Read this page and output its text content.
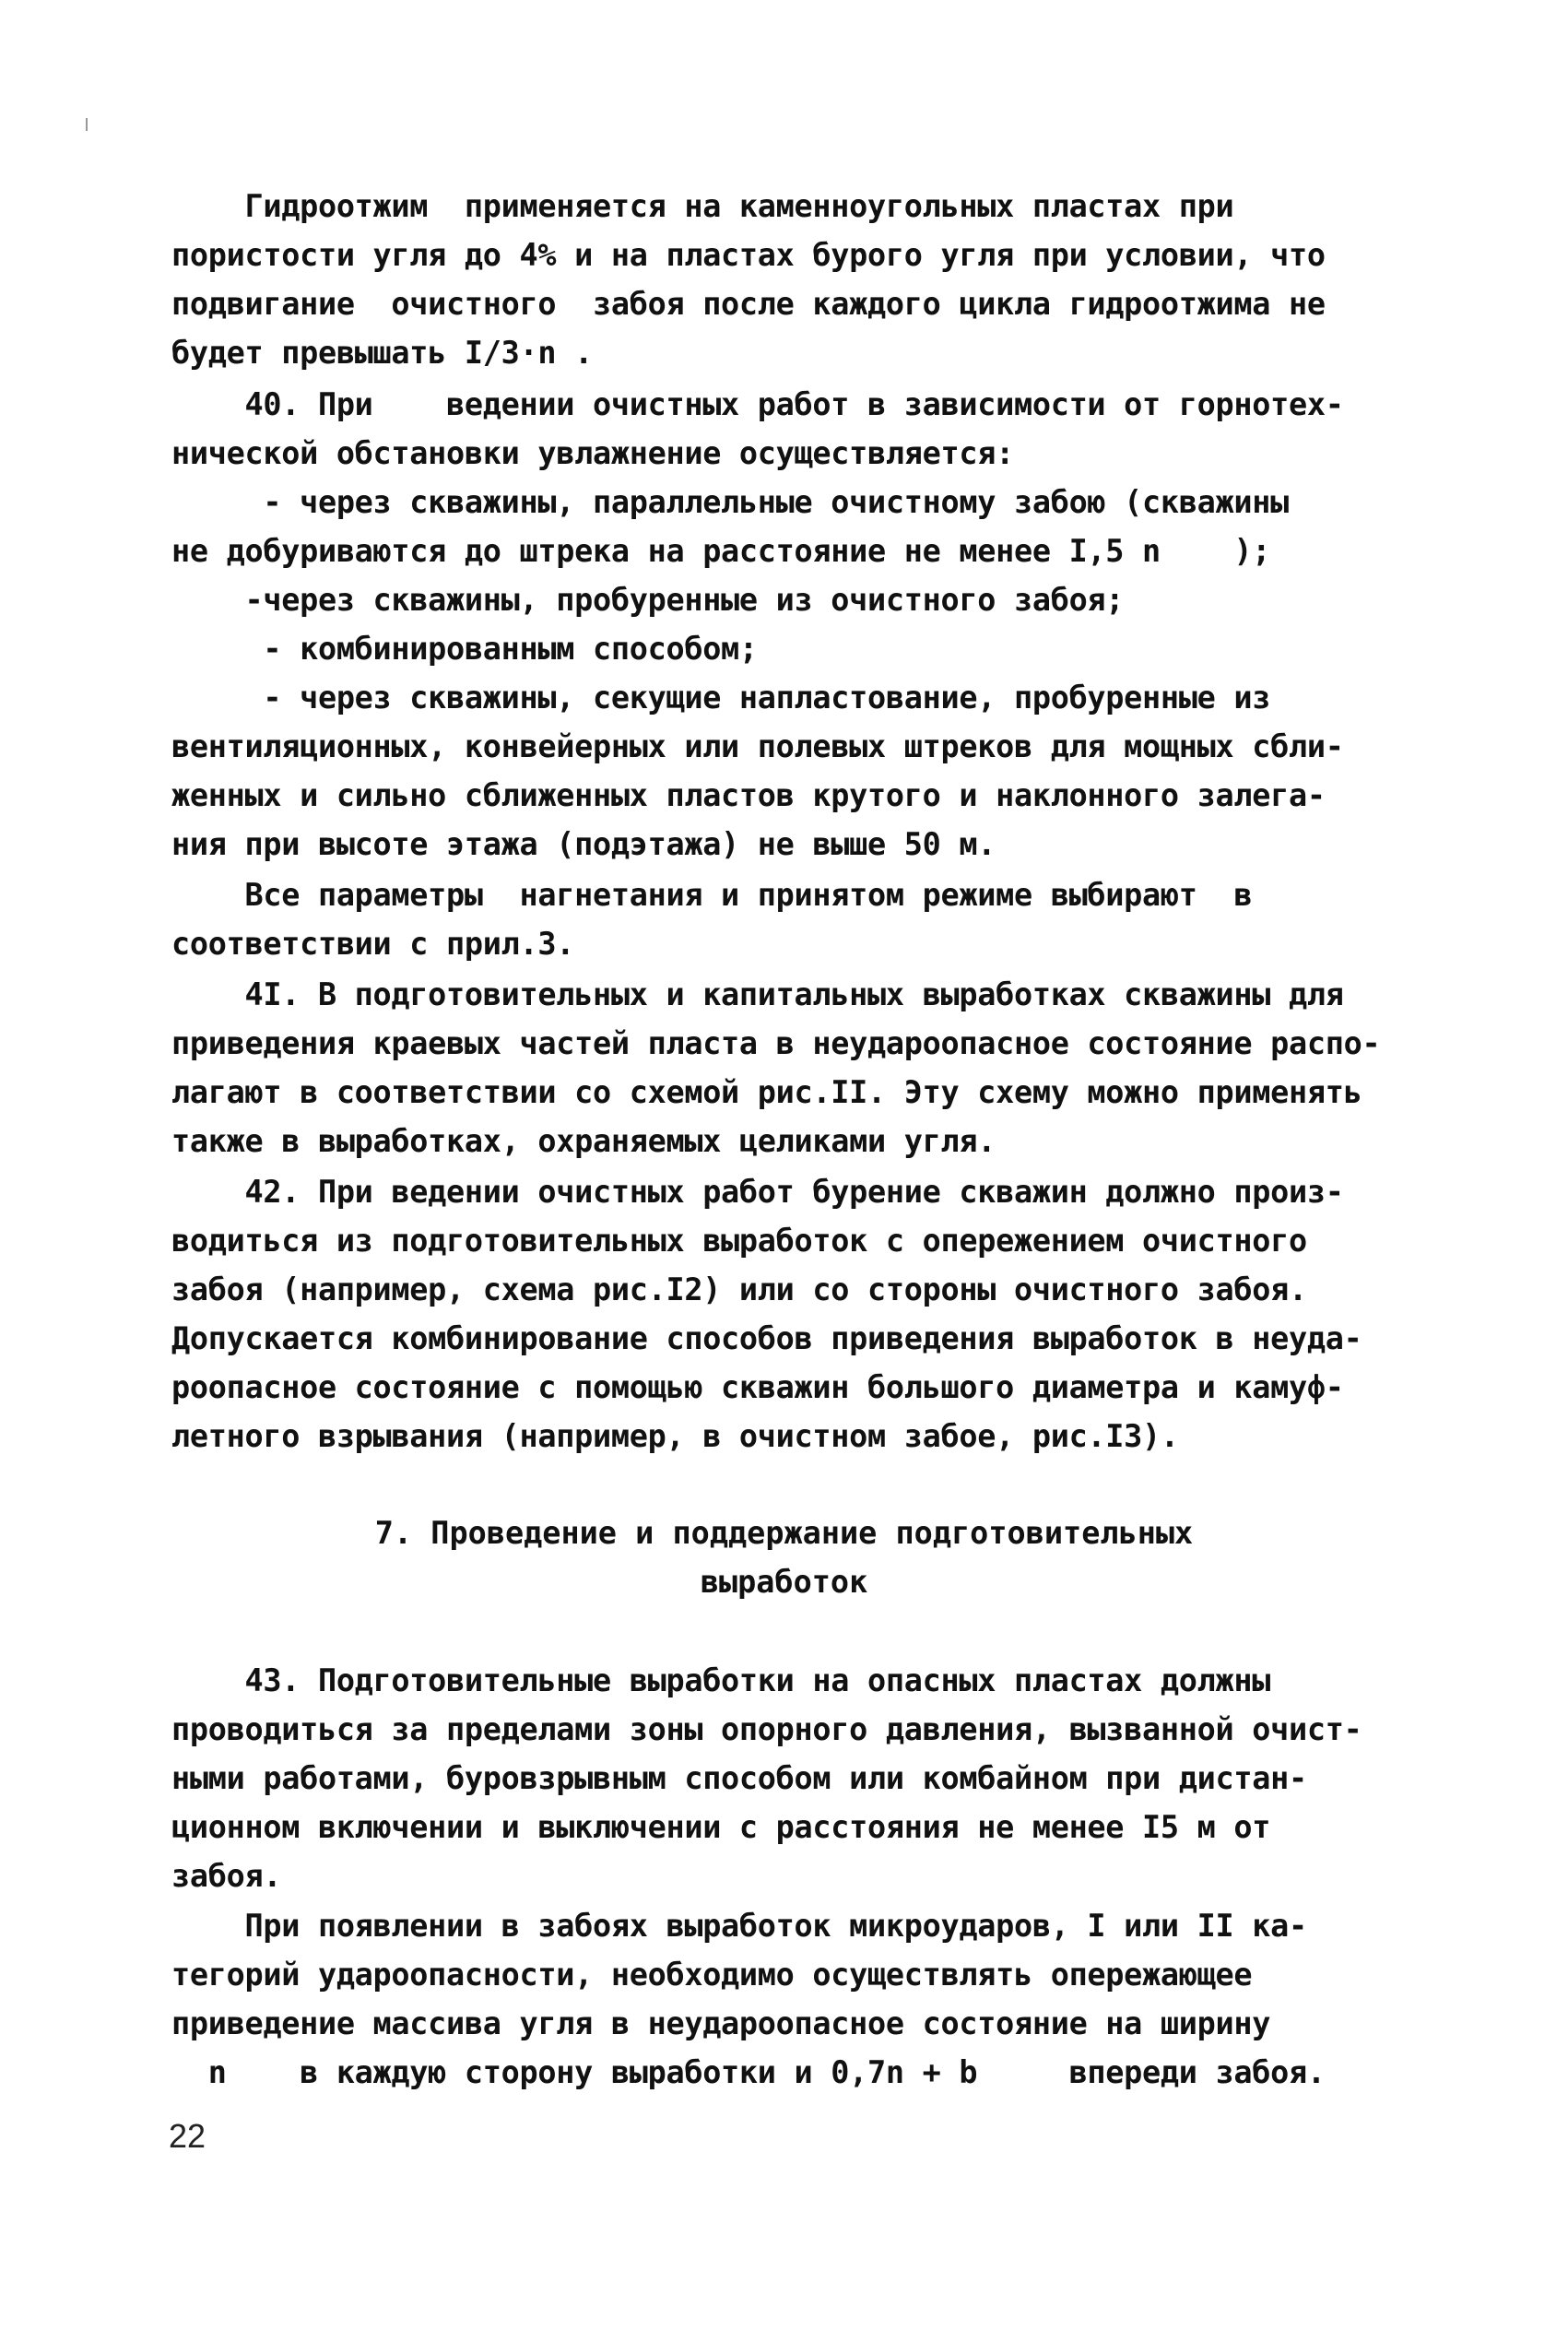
Гидроотжим  применяется на каменноугольных пластах при
пористости угля до 4% и на пластах бурого угля при условии, что
подвигание  очистного  забоя после каждого цикла гидроотжима не
будет превышать I/3·n .
40. При    ведении очистных работ в зависимости от горнотех-
нической обстановки увлажнение осуществляется:
- через скважины, параллельные очистному забою (скважины
не добуриваются до штрека на расстояние не менее I,5 n    );
-через скважины, пробуренные из очистного забоя;
- комбинированным способом;
- через скважины, секущие напластование, пробуренные из
вентиляционных, конвейерных или полевых штреков для мощных сбли-
женных и сильно сближенных пластов крутого и наклонного залега-
ния при высоте этажа (подэтажа) не выше 50 м.
Все параметры  нагнетания и принятом режиме выбирают  в
соответствии с прил.3.
4I. В подготовительных и капитальных выработках скважины для
приведения краевых частей пласта в неудароопасное состояние распо-
лагают в соответствии со схемой рис.II. Эту схему можно применять
также в выработках, охраняемых целиками угля.
42. При ведении очистных работ бурение скважин должно произ-
водиться из подготовительных выработок с опережением очистного
забоя (например, схема рис.I2) или со стороны очистного забоя.
Допускается комбинирование способов приведения выработок в неуда-
роопасное состояние с помощью скважин большого диаметра и камуф-
летного взрывания (например, в очистном забое, рис.I3).
7. Проведение и поддержание подготовительных
выработок
43. Подготовительные выработки на опасных пластах должны
проводиться за пределами зоны опорного давления, вызванной очист-
ными работами, буровзрывным способом или комбайном при дистан-
ционном включении и выключении с расстояния не менее I5 м от
забоя.
При появлении в забоях выработок микроударов, I или II ка-
тегорий удароопасности, необходимо осуществлять опережающее
приведение массива угля в неудароопасное состояние на ширину
n    в каждую сторону выработки и 0,7n + b     впереди забоя.
22
